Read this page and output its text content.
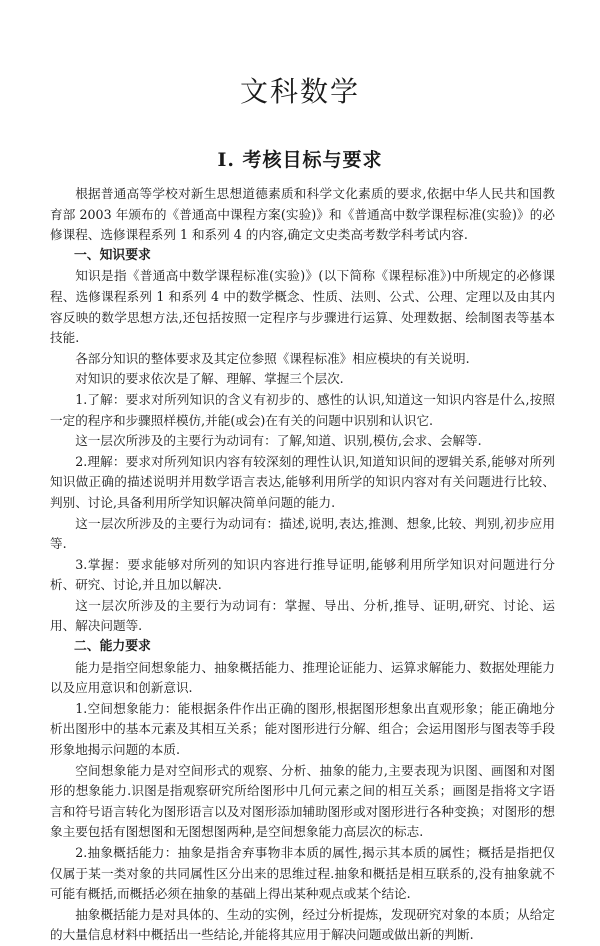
文科数学
Ⅰ. 考核目标与要求

根据普通高等学校对新生思想道德素质和科学文化素质的要求,依据中华人民共和国教育部 2003 年颁布的《普通高中课程方案(实验)》和《普通高中数学课程标准(实验)》的必修课程、选修课程系列 1 和系列 4 的内容,确定文史类高考数学科考试内容.

一、知识要求

知识是指《普通高中数学课程标准(实验)》(以下简称《课程标准》)中所规定的必修课程、选修课程系列 1 和系列 4 中的数学概念、性质、法则、公式、公理、定理以及由其内容反映的数学思想方法,还包括按照一定程序与步骤进行运算、处理数据、绘制图表等基本技能.

各部分知识的整体要求及其定位参照《课程标准》相应模块的有关说明.

对知识的要求依次是了解、理解、掌握三个层次.

1.了解：要求对所列知识的含义有初步的、感性的认识,知道这一知识内容是什么,按照一定的程序和步骤照样模仿,并能(或会)在有关的问题中识别和认识它.

这一层次所涉及的主要行为动词有：了解,知道、识别,模仿,会求、会解等.

2.理解：要求对所列知识内容有较深刻的理性认识,知道知识间的逻辑关系,能够对所列知识做正确的描述说明并用数学语言表达,能够利用所学的知识内容对有关问题进行比较、判别、讨论,具备利用所学知识解决简单问题的能力.

这一层次所涉及的主要行为动词有：描述,说明,表达,推测、想象,比较、判别,初步应用等.

3.掌握：要求能够对所列的知识内容进行推导证明,能够利用所学知识对问题进行分析、研究、讨论,并且加以解决.

这一层次所涉及的主要行为动词有：掌握、导出、分析,推导、证明,研究、讨论、运用、解决问题等.

二、能力要求

能力是指空间想象能力、抽象概括能力、推理论证能力、运算求解能力、数据处理能力以及应用意识和创新意识.

1.空间想象能力：能根据条件作出正确的图形,根据图形想象出直观形象；能正确地分析出图形中的基本元素及其相互关系；能对图形进行分解、组合；会运用图形与图表等手段形象地揭示问题的本质.

空间想象能力是对空间形式的观察、分析、抽象的能力,主要表现为识图、画图和对图形的想象能力.识图是指观察研究所给图形中几何元素之间的相互关系；画图是指将文字语言和符号语言转化为图形语言以及对图形添加辅助图形或对图形进行各种变换；对图形的想象主要包括有图想图和无图想图两种,是空间想象能力高层次的标志.

2.抽象概括能力：抽象是指舍弃事物非本质的属性,揭示其本质的属性；概括是指把仅仅属于某一类对象的共同属性区分出来的思维过程.抽象和概括是相互联系的,没有抽象就不可能有概括,而概括必须在抽象的基础上得出某种观点或某个结论.

抽象概括能力是对具体的、生动的实例，经过分析提炼，发现研究对象的本质；从给定的大量信息材料中概括出一些结论,并能将其应用于解决问题或做出新的判断.
